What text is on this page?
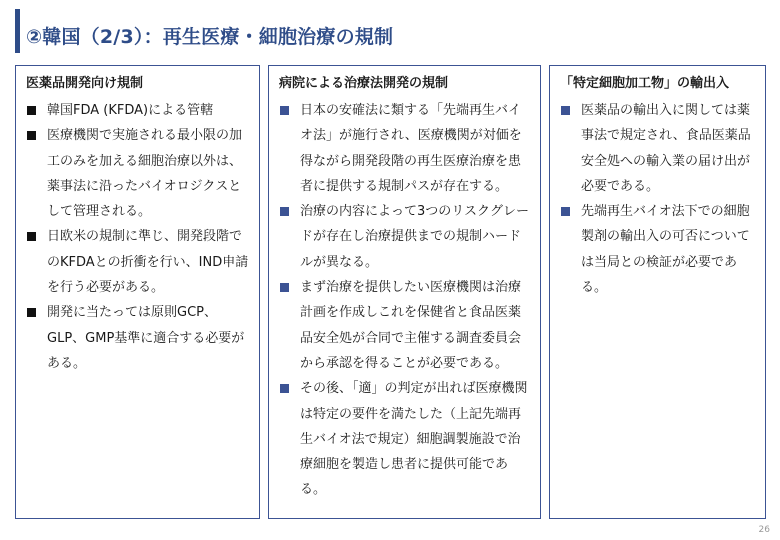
②韓国（2/3）：再生医療・細胞治療の規制
医薬品開発向け規制
韓国FDA (KFDA)による管轄
医療機関で実施される最小限の加工のみを加える細胞治療以外は、薬事法に沿ったバイオロジクスとして管理される。
日欧米の規制に準じ、開発段階でのKFDAとの折衝を行い、IND申請を行う必要がある。
開発に当たっては原則GCP、GLP、GMP基準に適合する必要がある。
病院による治療法開発の規制
日本の安確法に類する「先端再生バイオ法」が施行され、医療機関が対価を得ながら開発段階の再生医療治療を患者に提供する規制パスが存在する。
治療の内容によって3つのリスクグレードが存在し治療提供までの規制ハードルが異なる。
まず治療を提供したい医療機関は治療計画を作成しこれを保健省と食品医薬品安全処が合同で主催する調査委員会から承認を得ることが必要である。
その後、「適」の判定が出れば医療機関は特定の要件を満たした（上記先端再生バイオ法で規定）細胞調製施設で治療細胞を製造し患者に提供可能である。
「特定細胞加工物」の輸出入
医薬品の輸出入に関しては薬事法で規定され、食品医薬品安全処への輸入業の届け出が必要である。
先端再生バイオ法下での細胞製剤の輸出入の可否については当局との検証が必要である。
26
